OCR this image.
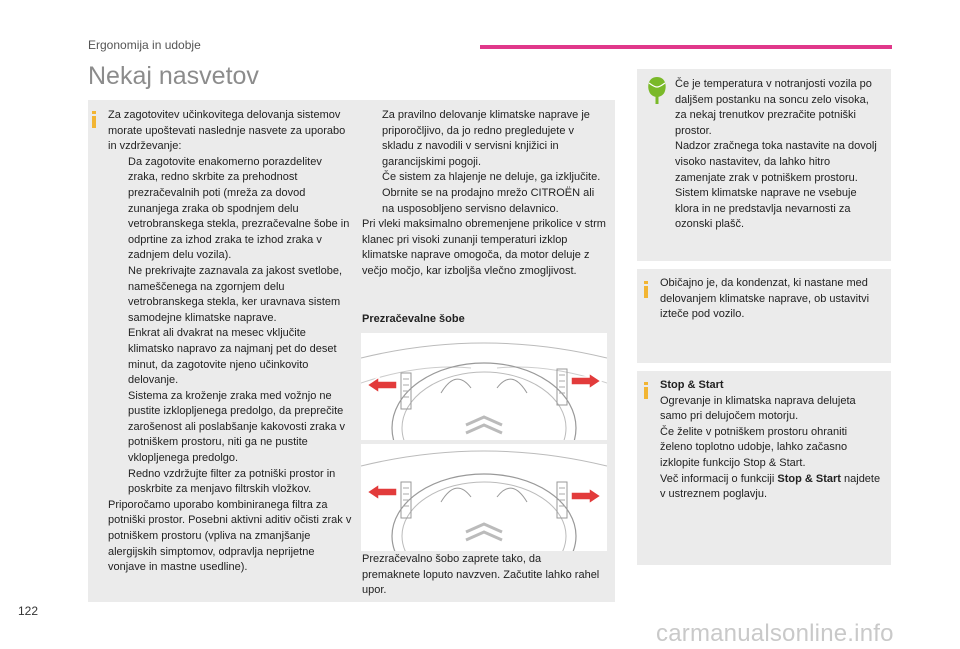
Ergonomija in udobje
Nekaj nasvetov
Za zagotovitev učinkovitega delovanja sistemov morate upoštevati naslednje nasvete za uporabo in vzdrževanje:
Da zagotovite enakomerno porazdelitev zraka, redno skrbite za prehodnost prezračevalnih poti (mreža za dovod zunanjega zraka ob spodnjem delu vetrobranskega stekla, prezračevalne šobe in odprtine za izhod zraka te izhod zraka v zadnjem delu vozila).
Ne prekrivajte zaznavala za jakost svetlobe, nameščenega na zgornjem delu vetrobranskega stekla, ker uravnava sistem samodejne klimatske naprave.
Enkrat ali dvakrat na mesec vključite klimatsko napravo za najmanj pet do deset minut, da zagotovite njeno učinkovito delovanje.
Sistema za kroženje zraka med vožnjo ne pustite izklopljenega predolgo, da preprečite zarošenost ali poslabšanje kakovosti zraka v potniškem prostoru, niti ga ne pustite vklopljenega predolgo.
Redno vzdržujte filter za potniški prostor in poskrbite za menjavo filtrskih vložkov.
Priporočamo uporabo kombiniranega filtra za potniški prostor. Posebni aktivni aditiv očisti zrak v potniškem prostoru (vpliva na zmanjšanje alergijskih simptomov, odpravlja neprijetne vonjave in mastne usedline).
Za pravilno delovanje klimatske naprave je priporočljivo, da jo redno pregledujete v skladu z navodili v servisni knjižici in garancijskimi pogoji.
Če sistem za hlajenje ne deluje, ga izključite. Obrnite se na prodajno mrežo CITROËN ali na usposobljeno servisno delavnico.
Pri vleki maksimalno obremenjene prikolice v strm klanec pri visoki zunanji temperaturi izklop klimatske naprave omogoča, da motor deluje z večjo močjo, kar izboljša vlečno zmogljivost.
Prezračevalne šobe
Prezračevalno šobo zaprete tako, da premaknete loputo navzven. Začutite lahko rahel upor.
Če je temperatura v notranjosti vozila po daljšem postanku na soncu zelo visoka, za nekaj trenutkov prezračite potniški prostor.
Nadzor zračnega toka nastavite na dovolj visoko nastavitev, da lahko hitro zamenjate zrak v potniškem prostoru.
Sistem klimatske naprave ne vsebuje klora in ne predstavlja nevarnosti za ozonski plašč.
Običajno je, da kondenzat, ki nastane med delovanjem klimatske naprave, ob ustavitvi izteče pod vozilo.
Stop & Start
Ogrevanje in klimatska naprava delujeta samo pri delujočem motorju.
Če želite v potniškem prostoru ohraniti želeno toplotno udobje, lahko začasno izklopite funkcijo Stop & Start.
Več informacij o funkciji Stop & Start najdete v ustreznem poglavju.
122
carmanualsonline.info
